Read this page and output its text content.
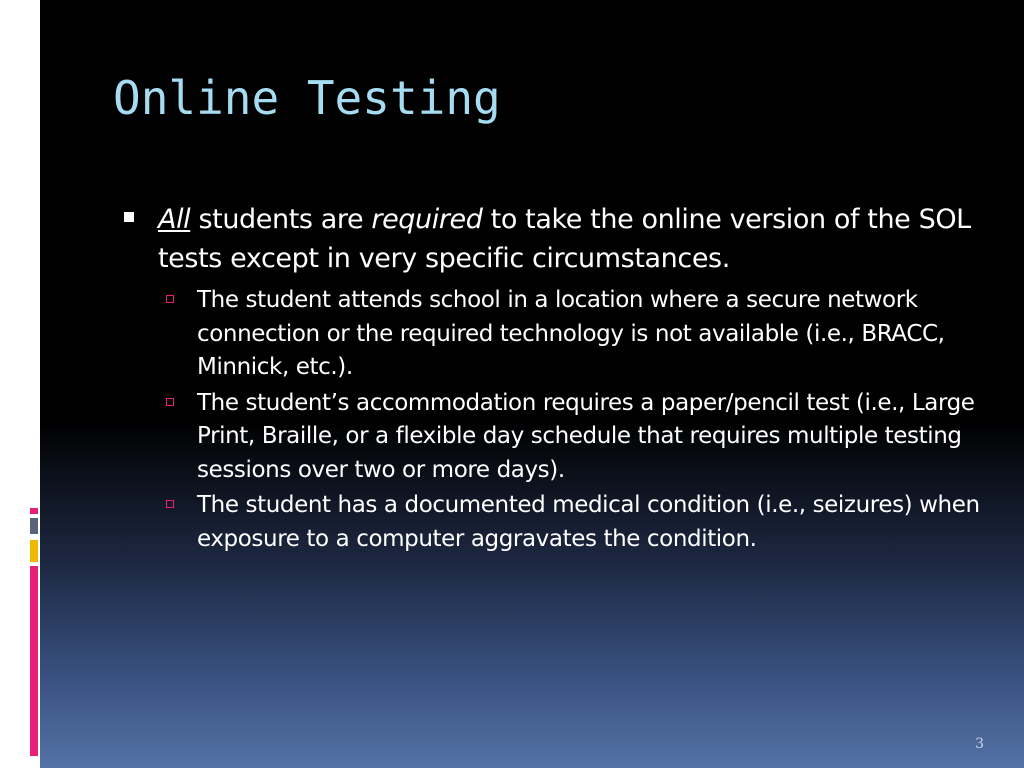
Online Testing
All students are required to take the online version of the SOL tests except in very specific circumstances.
The student attends school in a location where a secure network connection or the required technology is not available (i.e., BRACC, Minnick, etc.).
The student’s accommodation requires a paper/pencil test (i.e., Large Print, Braille, or a flexible day schedule that requires multiple testing sessions over two or more days).
The student has a documented medical condition (i.e., seizures) when exposure to a computer aggravates the condition.
3
